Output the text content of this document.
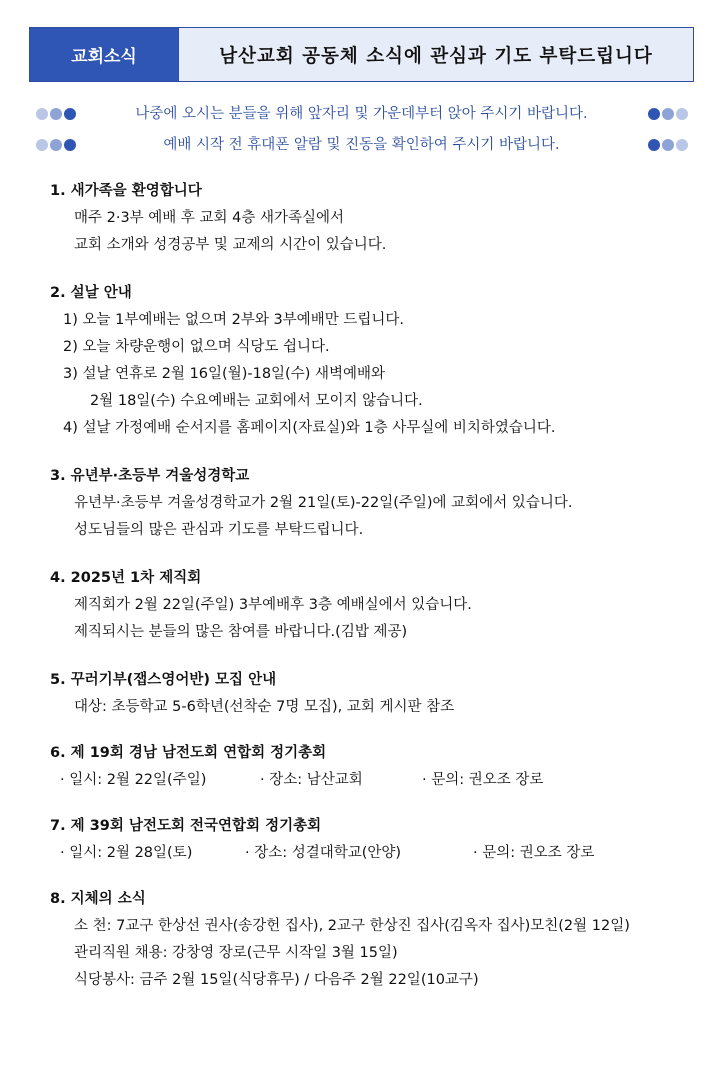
교회소식	남산교회 공동체 소식에 관심과 기도 부탁드립니다
나중에 오시는 분들을 위해 앞자리 및 가운데부터 앉아 주시기 바랍니다.
예배 시작 전 휴대폰 알람 및 진동을 확인하여 주시기 바랍니다.
1. 새가족을 환영합니다
매주 2·3부 예배 후 교회 4층 새가족실에서
교회 소개와 성경공부 및 교제의 시간이 있습니다.
2. 설날 안내
1) 오늘 1부예배는 없으며 2부와 3부예배만 드립니다.
2) 오늘 차량운행이 없으며 식당도 쉽니다.
3) 설날 연휴로 2월 16일(월)-18일(수) 새벽예배와
2월 18일(수) 수요예배는 교회에서 모이지 않습니다.
4) 설날 가정예배 순서지를 홈페이지(자료실)와 1층 사무실에 비치하였습니다.
3. 유년부·초등부 겨울성경학교
유년부·초등부 겨울성경학교가 2월 21일(토)-22일(주일)에 교회에서 있습니다.
성도님들의 많은 관심과 기도를 부탁드립니다.
4. 2025년 1차 제직회
제직회가 2월 22일(주일) 3부예배후 3층 예배실에서 있습니다.
제직되시는 분들의 많은 참여를 바랍니다.(김밥 제공)
5. 꾸러기부(잽스영어반) 모집 안내
대상: 초등학교 5-6학년(선착순 7명 모집), 교회 게시판 참조
6. 제 19회 경남 남전도회 연합회 정기총회
· 일시: 2월 22일(주일)	· 장소: 남산교회	· 문의: 권오조 장로
7. 제 39회 남전도회 전국연합회 정기총회
· 일시: 2월 28일(토)	· 장소: 성결대학교(안양)	· 문의: 권오조 장로
8. 지체의 소식
소 천: 7교구 한상선 권사(송강헌 집사), 2교구 한상진 집사(김옥자 집사)모친(2월 12일)
관리직원 채용: 강창영 장로(근무 시작일 3월 15일)
식당봉사: 금주 2월 15일(식당휴무) / 다음주 2월 22일(10교구)
